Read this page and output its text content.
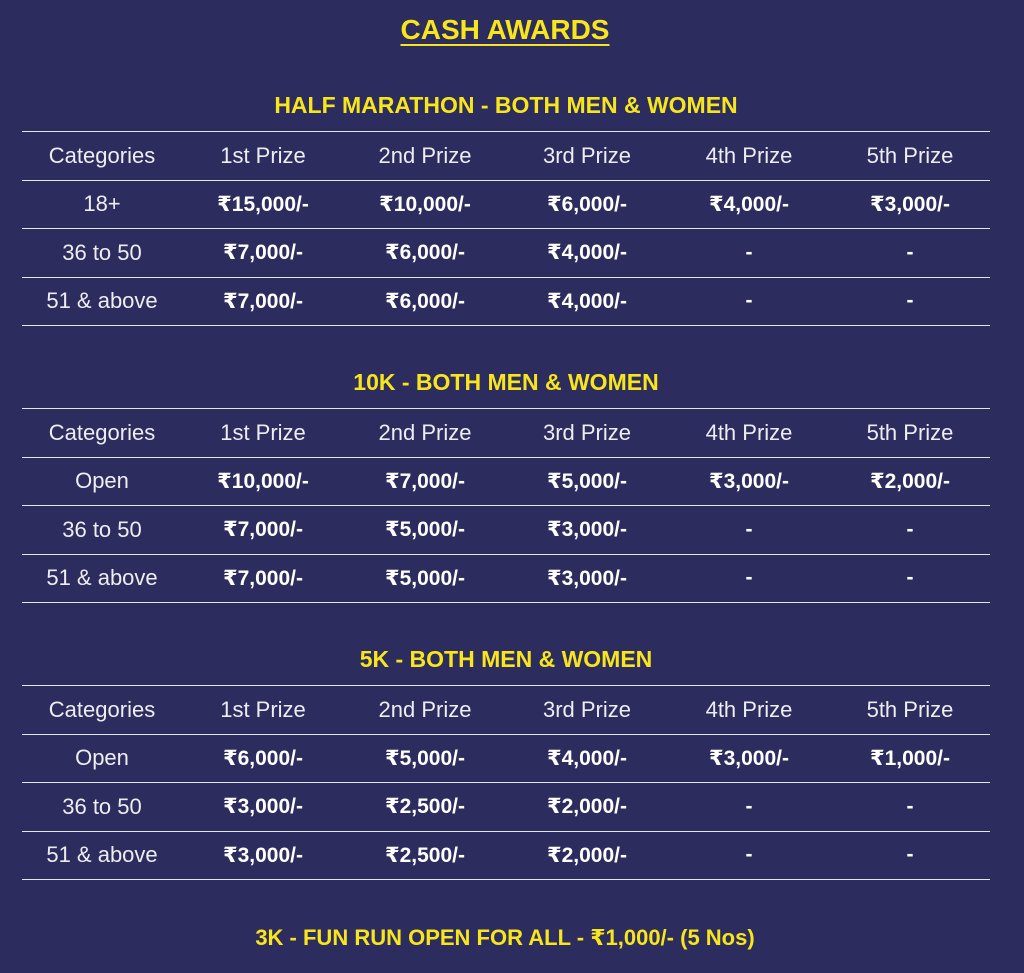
CASH AWARDS
HALF MARATHON - BOTH MEN & WOMEN
Categories	1st Prize	2nd Prize	3rd Prize	4th Prize	5th Prize
18+	₹15,000/-	₹10,000/-	₹6,000/-	₹4,000/-	₹3,000/-
36 to 50	₹7,000/-	₹6,000/-	₹4,000/-	-	-
51 & above	₹7,000/-	₹6,000/-	₹4,000/-	-	-
10K - BOTH MEN & WOMEN
Categories	1st Prize	2nd Prize	3rd Prize	4th Prize	5th Prize
Open	₹10,000/-	₹7,000/-	₹5,000/-	₹3,000/-	₹2,000/-
36 to 50	₹7,000/-	₹5,000/-	₹3,000/-	-	-
51 & above	₹7,000/-	₹5,000/-	₹3,000/-	-	-
5K - BOTH MEN & WOMEN
Categories	1st Prize	2nd Prize	3rd Prize	4th Prize	5th Prize
Open	₹6,000/-	₹5,000/-	₹4,000/-	₹3,000/-	₹1,000/-
36 to 50	₹3,000/-	₹2,500/-	₹2,000/-	-	-
51 & above	₹3,000/-	₹2,500/-	₹2,000/-	-	-
3K - FUN RUN OPEN FOR ALL - ₹1,000/- (5 Nos)
